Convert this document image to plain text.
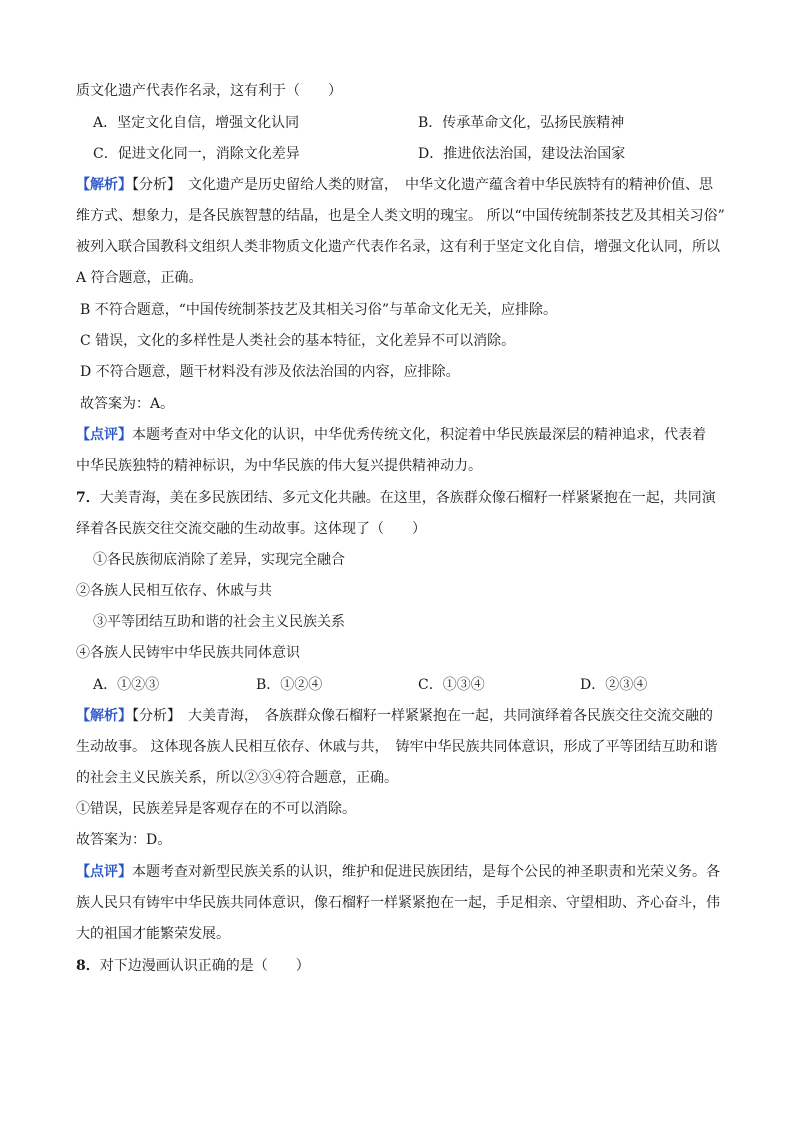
质文化遗产代表作名录，这有利于（　　）
A．坚定文化自信，增强文化认同	B．传承革命文化，弘扬民族精神
C．促进文化同一，消除文化差异	D．推进依法治国，建设法治国家
【解析】【分析】　文化遗产是历史留给人类的财富，　中华文化遗产蕴含着中华民族特有的精神价值、思
维方式、想象力，是各民族智慧的结晶，也是全人类文明的瑰宝。 所以“中国传统制茶技艺及其相关习俗”
被列入联合国教科文组织人类非物质文化遗产代表作名录，这有利于坚定文化自信，增强文化认同，所以
A 符合题意，正确。
B 不符合题意，“中国传统制茶技艺及其相关习俗”与革命文化无关，应排除。
C 错误，文化的多样性是人类社会的基本特征，文化差异不可以消除。
D 不符合题意，题干材料没有涉及依法治国的内容，应排除。
故答案为：A。
【点评】本题考查对中华文化的认识，中华优秀传统文化，积淀着中华民族最深层的精神追求，代表着
中华民族独特的精神标识，为中华民族的伟大复兴提供精神动力。
7．大美青海，美在多民族团结、多元文化共融。在这里，各族群众像石榴籽一样紧紧抱在一起，共同演
绎着各民族交往交流交融的生动故事。这体现了（　　）
①各民族彻底消除了差异，实现完全融合
②各族人民相互依存、休戚与共
③平等团结互助和谐的社会主义民族关系
④各族人民铸牢中华民族共同体意识
A．①②③	B．①②④	C．①③④	D．②③④
【解析】【分析】　大美青海，　各族群众像石榴籽一样紧紧抱在一起，共同演绎着各民族交往交流交融的
生动故事。 这体现各族人民相互依存、休戚与共，　铸牢中华民族共同体意识，形成了平等团结互助和谐
的社会主义民族关系，所以②③④符合题意，正确。
①错误，民族差异是客观存在的不可以消除。
故答案为：D。
【点评】本题考查对新型民族关系的认识，维护和促进民族团结，是每个公民的神圣职责和光荣义务。各
族人民只有铸牢中华民族共同体意识，像石榴籽一样紧紧抱在一起，手足相亲、守望相助、齐心奋斗，伟
大的祖国才能繁荣发展。
8．对下边漫画认识正确的是（　　）
